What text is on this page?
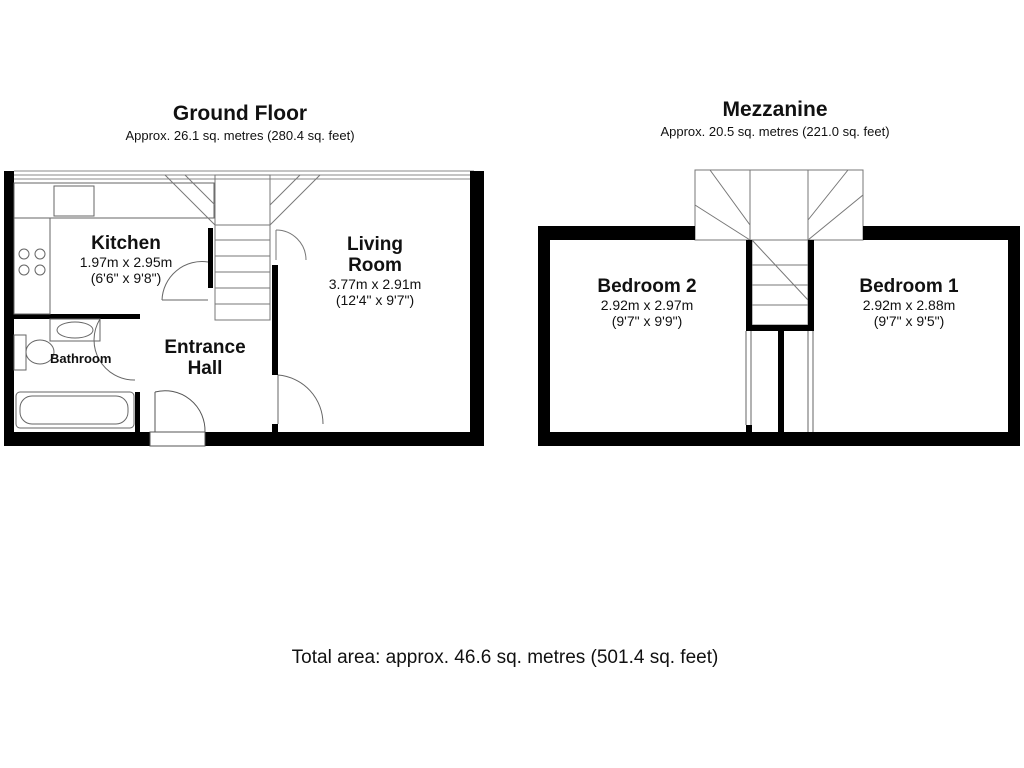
Ground Floor
Approx. 26.1 sq. metres (280.4 sq. feet)
Mezzanine
Approx. 20.5 sq. metres (221.0 sq. feet)
Kitchen
1.97m x 2.95m
(6'6" x 9'8")
Living
Room
3.77m x 2.91m
(12'4" x 9'7")
Entrance
Hall
Bathroom
Bedroom 2
2.92m x 2.97m
(9'7" x 9'9")
Bedroom 1
2.92m x 2.88m
(9'7" x 9'5")
Total area: approx. 46.6 sq. metres (501.4 sq. feet)
